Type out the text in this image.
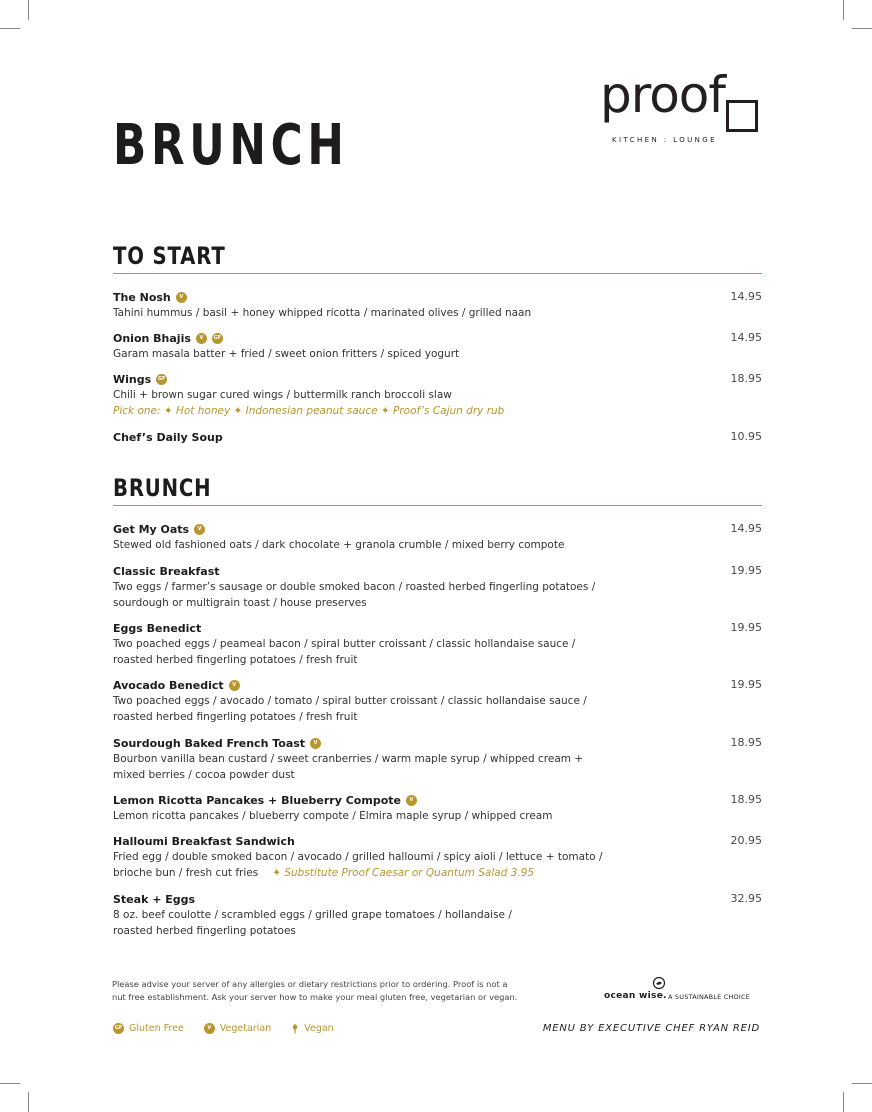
BRUNCH
proof
KITCHEN : LOUNGE
TO START
BRUNCH
The Nosh	V	14.95
Tahini hummus / basil + honey whipped ricotta / marinated olives / grilled naan
Onion Bhajis	V	GF	14.95
Garam masala batter + fried / sweet onion fritters / spiced yogurt
Wings	GF	18.95
Chili + brown sugar cured wings / buttermilk ranch broccoli slaw
Pick one: ✦ Hot honey ✦ Indonesian peanut sauce ✦ Proof’s Cajun dry rub
Chef’s Daily Soup	10.95
Get My Oats	V	14.95
Stewed old fashioned oats / dark chocolate + granola crumble / mixed berry compote
Classic Breakfast	19.95
Two eggs / farmer’s sausage or double smoked bacon / roasted herbed fingerling potatoes /
sourdough or multigrain toast / house preserves
Eggs Benedict	19.95
Two poached eggs / peameal bacon / spiral butter croissant / classic hollandaise sauce /
roasted herbed fingerling potatoes / fresh fruit
Avocado Benedict	V	19.95
Two poached eggs / avocado / tomato / spiral butter croissant / classic hollandaise sauce /
roasted herbed fingerling potatoes / fresh fruit
Sourdough Baked French Toast	V	18.95
Bourbon vanilla bean custard / sweet cranberries / warm maple syrup / whipped cream +
mixed berries / cocoa powder dust
Lemon Ricotta Pancakes + Blueberry Compote	V	18.95
Lemon ricotta pancakes / blueberry compote / Elmira maple syrup / whipped cream
Halloumi Breakfast Sandwich	20.95
Fried egg / double smoked bacon / avocado / grilled halloumi / spicy aioli / lettuce + tomato /
brioche bun / fresh cut fries ✦ Substitute Proof Caesar or Quantum Salad 3.95
Steak + Eggs	32.95
8 oz. beef coulotte / scrambled eggs / grilled grape tomatoes / hollandaise /
roasted herbed fingerling potatoes
Please advise your server of any allergies or dietary restrictions prior to ordering. Proof is not a
nut free establishment. Ask your server how to make your meal gluten free, vegetarian or vegan.	ocean wise. A SUSTAINABLE CHOICE
GF Gluten Free	V Vegetarian	Vegan	MENU BY EXECUTIVE CHEF RYAN REID
